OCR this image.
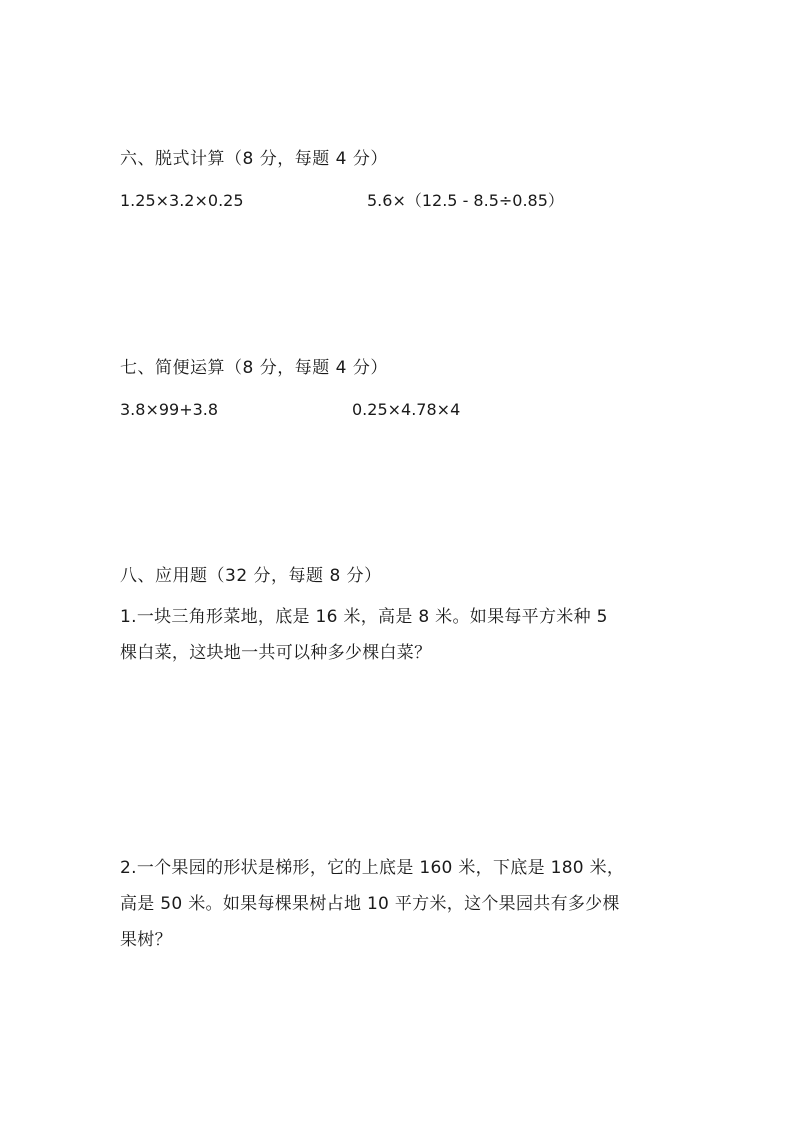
六、脱式计算（8 分，每题 4 分）
1.25×3.2×0.25	5.6×（12.5 - 8.5÷0.85）
七、简便运算（8 分，每题 4 分）
3.8×99+3.8	0.25×4.78×4
八、应用题（32 分，每题 8 分）
1.一块三角形菜地，底是 16 米，高是 8 米。如果每平方米种 5
棵白菜，这块地一共可以种多少棵白菜？
2.一个果园的形状是梯形，它的上底是 160 米，下底是 180 米，
高是 50 米。如果每棵果树占地 10 平方米，这个果园共有多少棵
果树？
